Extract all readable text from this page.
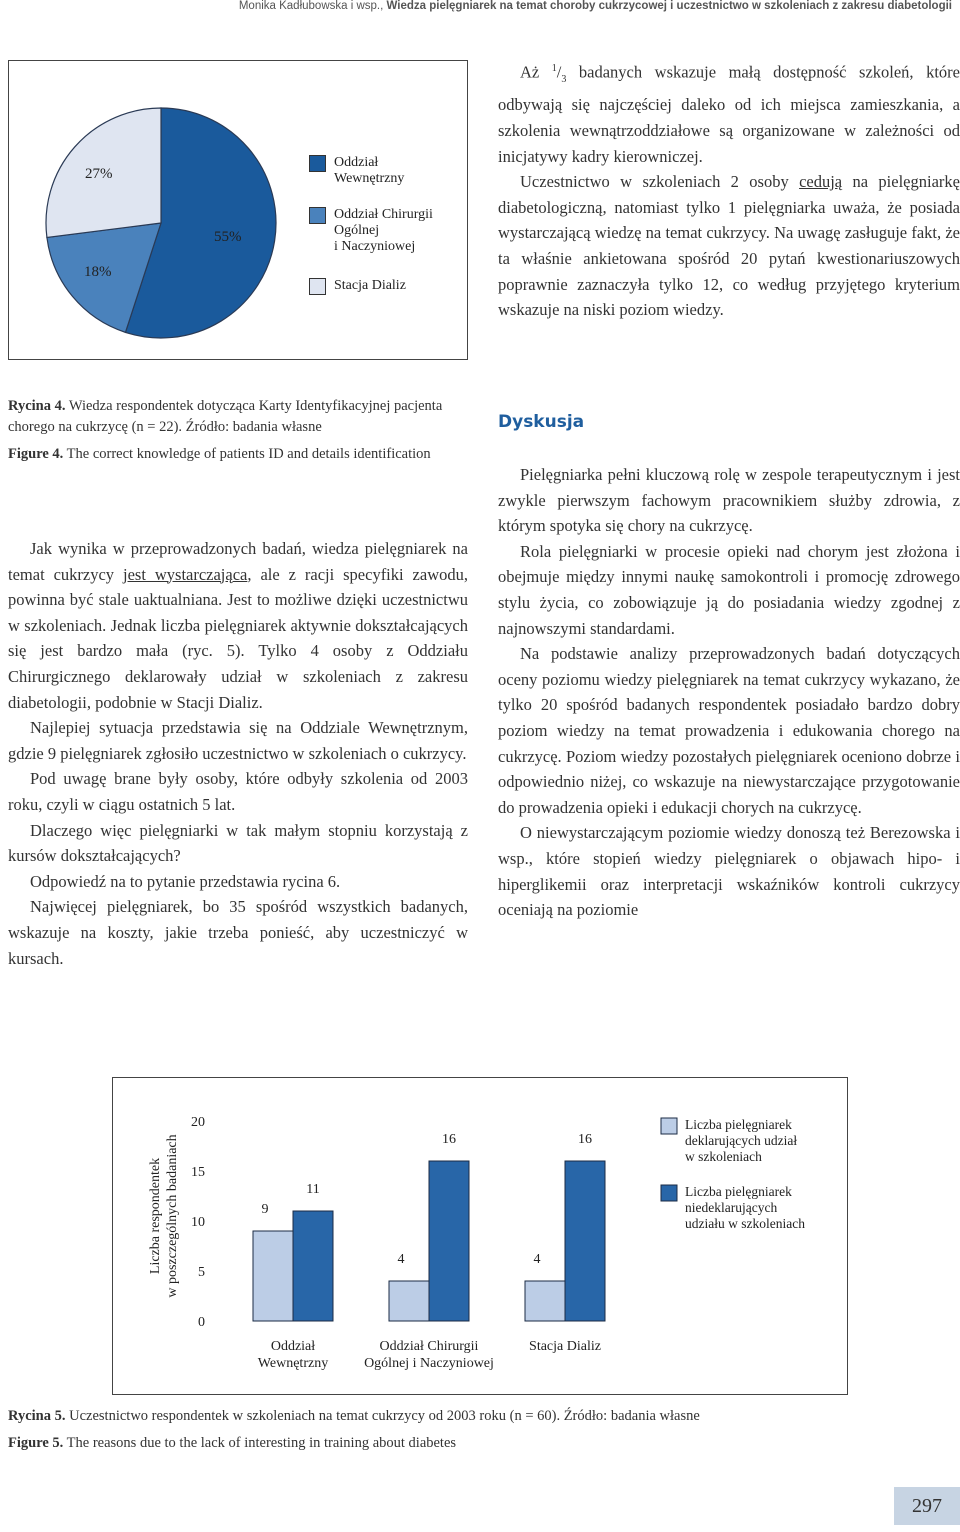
Monika Kadłubowska i wsp., Wiedza pielęgniarek na temat choroby cukrzycowej i uczestnictwo w szkoleniach z zakresu diabetologii
27%
18%
55%
Oddział
Wewnętrzny
Oddział Chirurgii
Ogólnej
i Naczyniowej
Stacja Dializ
Rycina 4. Wiedza respondentek dotycząca Karty Identyfikacyjnej pacjenta chorego na cukrzycę (n = 22). Źródło: badania własne
Figure 4. The correct knowledge of patients ID and details identification

Aż $^1/_3$ badanych wskazuje małą dostępność szkoleń, które odbywają się najczęściej daleko od ich miejsca zamieszkania, a szkolenia wewnątrzoddziałowe są organizowane w zależności od inicjatywy kadry kierowniczej.

Uczestnictwo w szkoleniach 2 osoby cedują na pielęgniarkę diabetologiczną, natomiast tylko 1 pielęgniarka uważa, że posiada wystarczającą wiedzę na temat cukrzycy. Na uwagę zasługuje fakt, że ta właśnie ankietowana spośród 20 pytań kwestionariuszowych poprawnie zaznaczyła tylko 12, co według przyjętego kryterium wskazuje na niski poziom wiedzy.

Dyskusja

Jak wynika w przeprowadzonych badań, wiedza pielęgniarek na temat cukrzycy jest wystarczająca, ale z racji specyfiki zawodu, powinna być stale uaktualniana. Jest to możliwe dzięki uczestnictwu w szkoleniach. Jednak liczba pielęgniarek aktywnie dokształcających się jest bardzo mała (ryc. 5). Tylko 4 osoby z Oddziału Chirurgicznego deklarowały udział w szkoleniach z zakresu diabetologii, podobnie w Stacji Dializ.

Najlepiej sytuacja przedstawia się na Oddziale Wewnętrznym, gdzie 9 pielęgniarek zgłosiło uczestnictwo w szkoleniach o cukrzycy.

Pod uwagę brane były osoby, które odbyły szkolenia od 2003 roku, czyli w ciągu ostatnich 5 lat.

Dlaczego więc pielęgniarki w tak małym stopniu korzystają z kursów dokształcających?

Odpowiedź na to pytanie przedstawia rycina 6.

Najwięcej pielęgniarek, bo 35 spośród wszystkich badanych, wskazuje na koszty, jakie trzeba ponieść, aby uczestniczyć w kursach.

Pielęgniarka pełni kluczową rolę w zespole terapeutycznym i jest zwykle pierwszym fachowym pracownikiem służby zdrowia, z którym spotyka się chory na cukrzycę.

Rola pielęgniarki w procesie opieki nad chorym jest złożona i obejmuje między innymi naukę samokontroli i promocję zdrowego stylu życia, co zobowiązuje ją do posiadania wiedzy zgodnej z najnowszymi standardami.

Na podstawie analizy przeprowadzonych badań dotyczących oceny poziomu wiedzy pielęgniarek na temat cukrzycy wykazano, że tylko 20 spośród badanych respondentek posiadało bardzo dobry poziom wiedzy na temat prowadzenia i edukowania chorego na cukrzycę. Poziom wiedzy pozostałych pielęgniarek oceniono dobrze i odpowiednio niżej, co wskazuje na niewystarczające przygotowanie do prowadzenia opieki i edukacji chorych na cukrzycę.

O niewystarczającym poziomie wiedzy donoszą też Berezowska i wsp., które stopień wiedzy pielęgniarek o objawach hipo- i hiperglikemii oraz interpretacji wskaźników kontroli cukrzycy oceniają na poziomie

0
5
10
15
20
Liczba respondentek w poszczególnych badaniach	9
11
Oddział Wewnętrzny
4
16
Oddział Chirurgii Ogólnej i Naczyniowej
4
16
Stacja Dializ
Liczba pielęgniarek deklarujących udział w szkoleniach
Liczba pielęgniarek niedeklarujących udziału w szkoleniach
Rycina 5. Uczestnictwo respondentek w szkoleniach na temat cukrzycy od 2003 roku (n = 60). Źródło: badania własne
Figure 5. The reasons due to the lack of interesting in training about diabetes
297
